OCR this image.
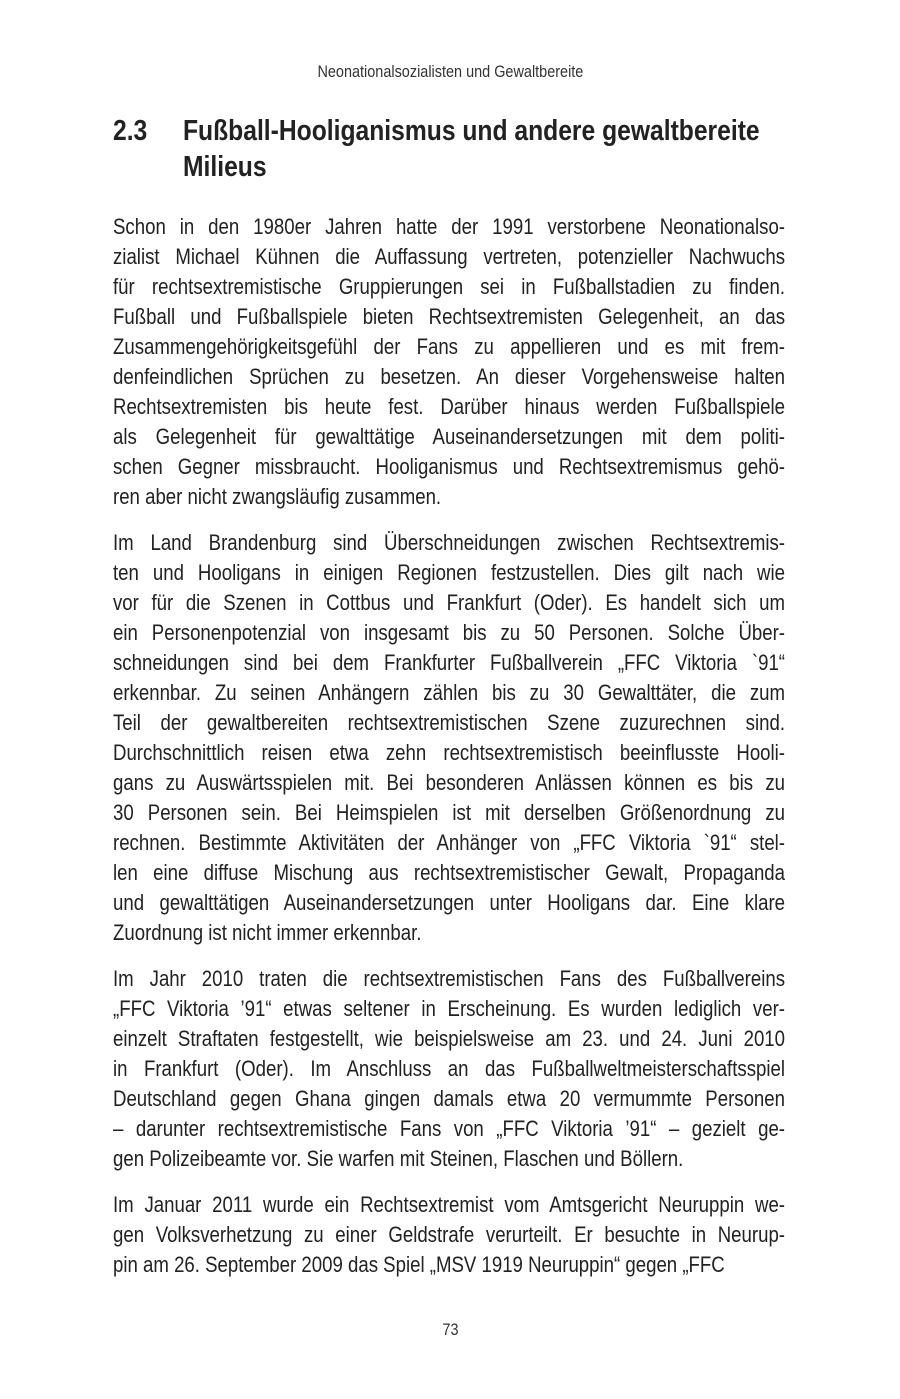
Neonationalsozialisten und Gewaltbereite
2.3 Fußball-Hooliganismus und andere gewaltbereite
Milieus
Schon in den 1980er Jahren hatte der 1991 verstorbene Neonationalso-
zialist Michael Kühnen die Auffassung vertreten, potenzieller Nachwuchs
für rechtsextremistische Gruppierungen sei in Fußballstadien zu finden.
Fußball und Fußballspiele bieten Rechtsextremisten Gelegenheit, an das
Zusammengehörigkeitsgefühl der Fans zu appellieren und es mit frem-
denfeindlichen Sprüchen zu besetzen. An dieser Vorgehensweise halten
Rechtsextremisten bis heute fest. Darüber hinaus werden Fußballspiele
als Gelegenheit für gewalttätige Auseinandersetzungen mit dem politi-
schen Gegner missbraucht. Hooliganismus und Rechtsextremismus gehö-
ren aber nicht zwangsläufig zusammen.
Im Land Brandenburg sind Überschneidungen zwischen Rechtsextremis-
ten und Hooligans in einigen Regionen festzustellen. Dies gilt nach wie
vor für die Szenen in Cottbus und Frankfurt (Oder). Es handelt sich um
ein Personenpotenzial von insgesamt bis zu 50 Personen. Solche Über-
schneidungen sind bei dem Frankfurter Fußballverein „FFC Viktoria `91“
erkennbar. Zu seinen Anhängern zählen bis zu 30 Gewalttäter, die zum
Teil der gewaltbereiten rechtsextremistischen Szene zuzurechnen sind.
Durchschnittlich reisen etwa zehn rechtsextremistisch beeinflusste Hooli-
gans zu Auswärtsspielen mit. Bei besonderen Anlässen können es bis zu
30 Personen sein. Bei Heimspielen ist mit derselben Größenordnung zu
rechnen. Bestimmte Aktivitäten der Anhänger von „FFC Viktoria `91“ stel-
len eine diffuse Mischung aus rechtsextremistischer Gewalt, Propaganda
und gewalttätigen Auseinandersetzungen unter Hooligans dar. Eine klare
Zuordnung ist nicht immer erkennbar.
Im Jahr 2010 traten die rechtsextremistischen Fans des Fußballvereins
„FFC Viktoria ’91“ etwas seltener in Erscheinung. Es wurden lediglich ver-
einzelt Straftaten festgestellt, wie beispielsweise am 23. und 24. Juni 2010
in Frankfurt (Oder). Im Anschluss an das Fußballweltmeisterschaftsspiel
Deutschland gegen Ghana gingen damals etwa 20 vermummte Personen
– darunter rechtsextremistische Fans von „FFC Viktoria ’91“ – gezielt ge-
gen Polizeibeamte vor. Sie warfen mit Steinen, Flaschen und Böllern.
Im Januar 2011 wurde ein Rechtsextremist vom Amtsgericht Neuruppin we-
gen Volksverhetzung zu einer Geldstrafe verurteilt. Er besuchte in Neurup-
pin am 26. September 2009 das Spiel „MSV 1919 Neuruppin“ gegen „FFC
73
